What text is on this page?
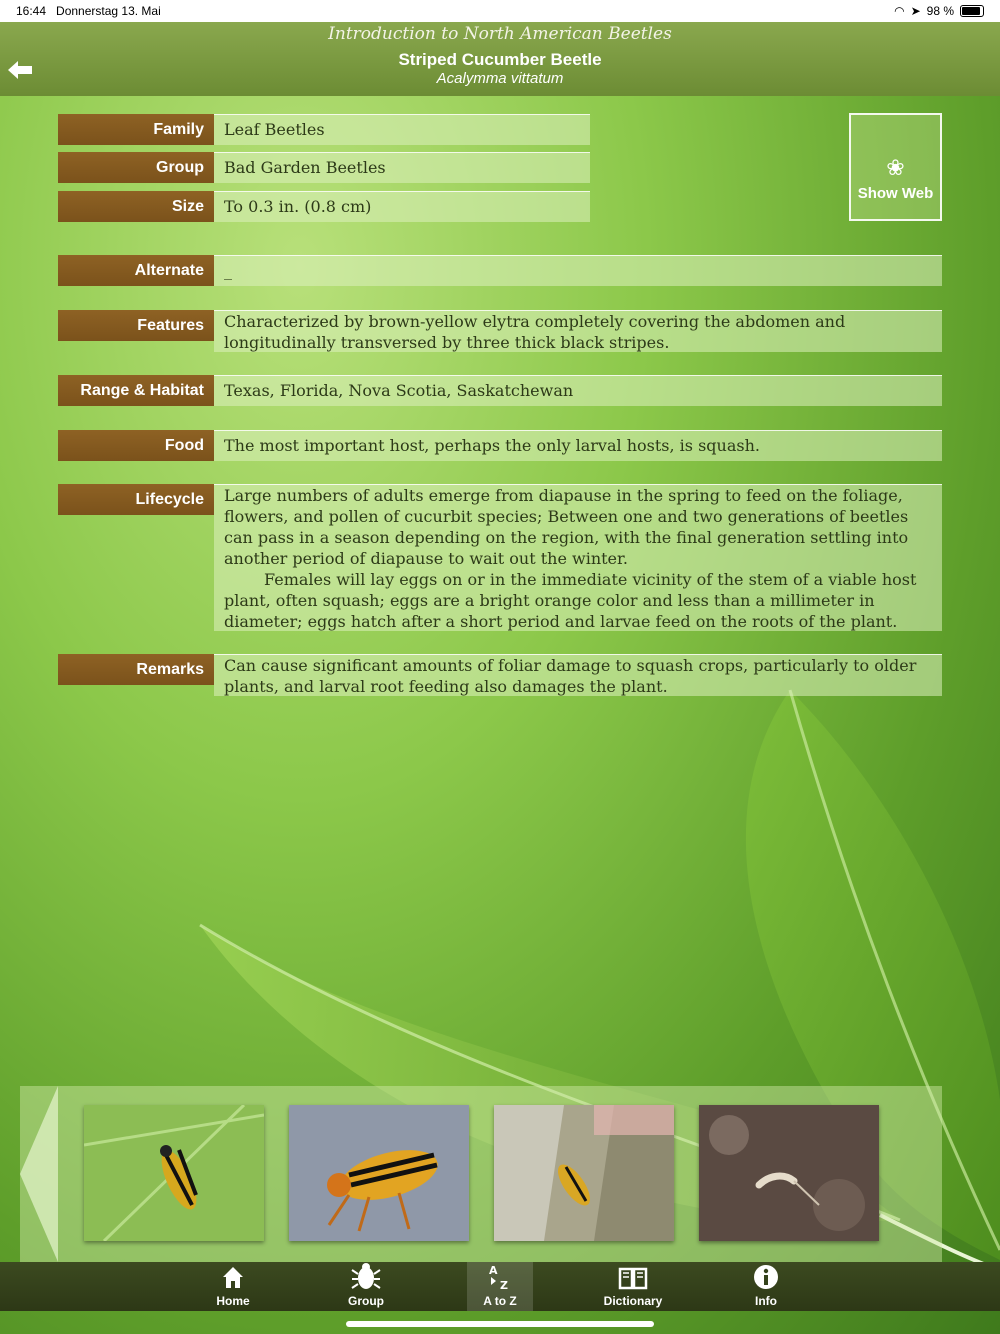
16:44 Donnerstag 13. Mai	◠ ➤ 98 %
Introduction to North American Beetles
Striped Cucumber Beetle
Acalymma vittatum
Family	Leaf Beetles
Group	Bad Garden Beetles
Size	To 0.3 in. (0.8 cm)
❀
Show Web
Alternate	_
Features	Characterized by brown-yellow elytra completely covering the abdomen and longitudinally transversed by three thick black stripes.
Range & Habitat	Texas, Florida, Nova Scotia, Saskatchewan
Food	The most important host, perhaps the only larval hosts, is squash.
Lifecycle	Large numbers of adults emerge from diapause in the spring to feed on the foliage, flowers, and pollen of cucurbit species; Between one and two generations of beetles can pass in a season depending on the region, with the final generation settling into another period of diapause to wait out the winter.
Females will lay eggs on or in the immediate vicinity of the stem of a viable host plant, often squash; eggs are a bright orange color and less than a millimeter in diameter; eggs hatch after a short period and larvae feed on the roots of the plant.
Remarks	Can cause significant amounts of foliar damage to squash crops, particularly to older plants, and larval root feeding also damages the plant.
Home	Group
A
Z
A to Z	Dictionary	Info
